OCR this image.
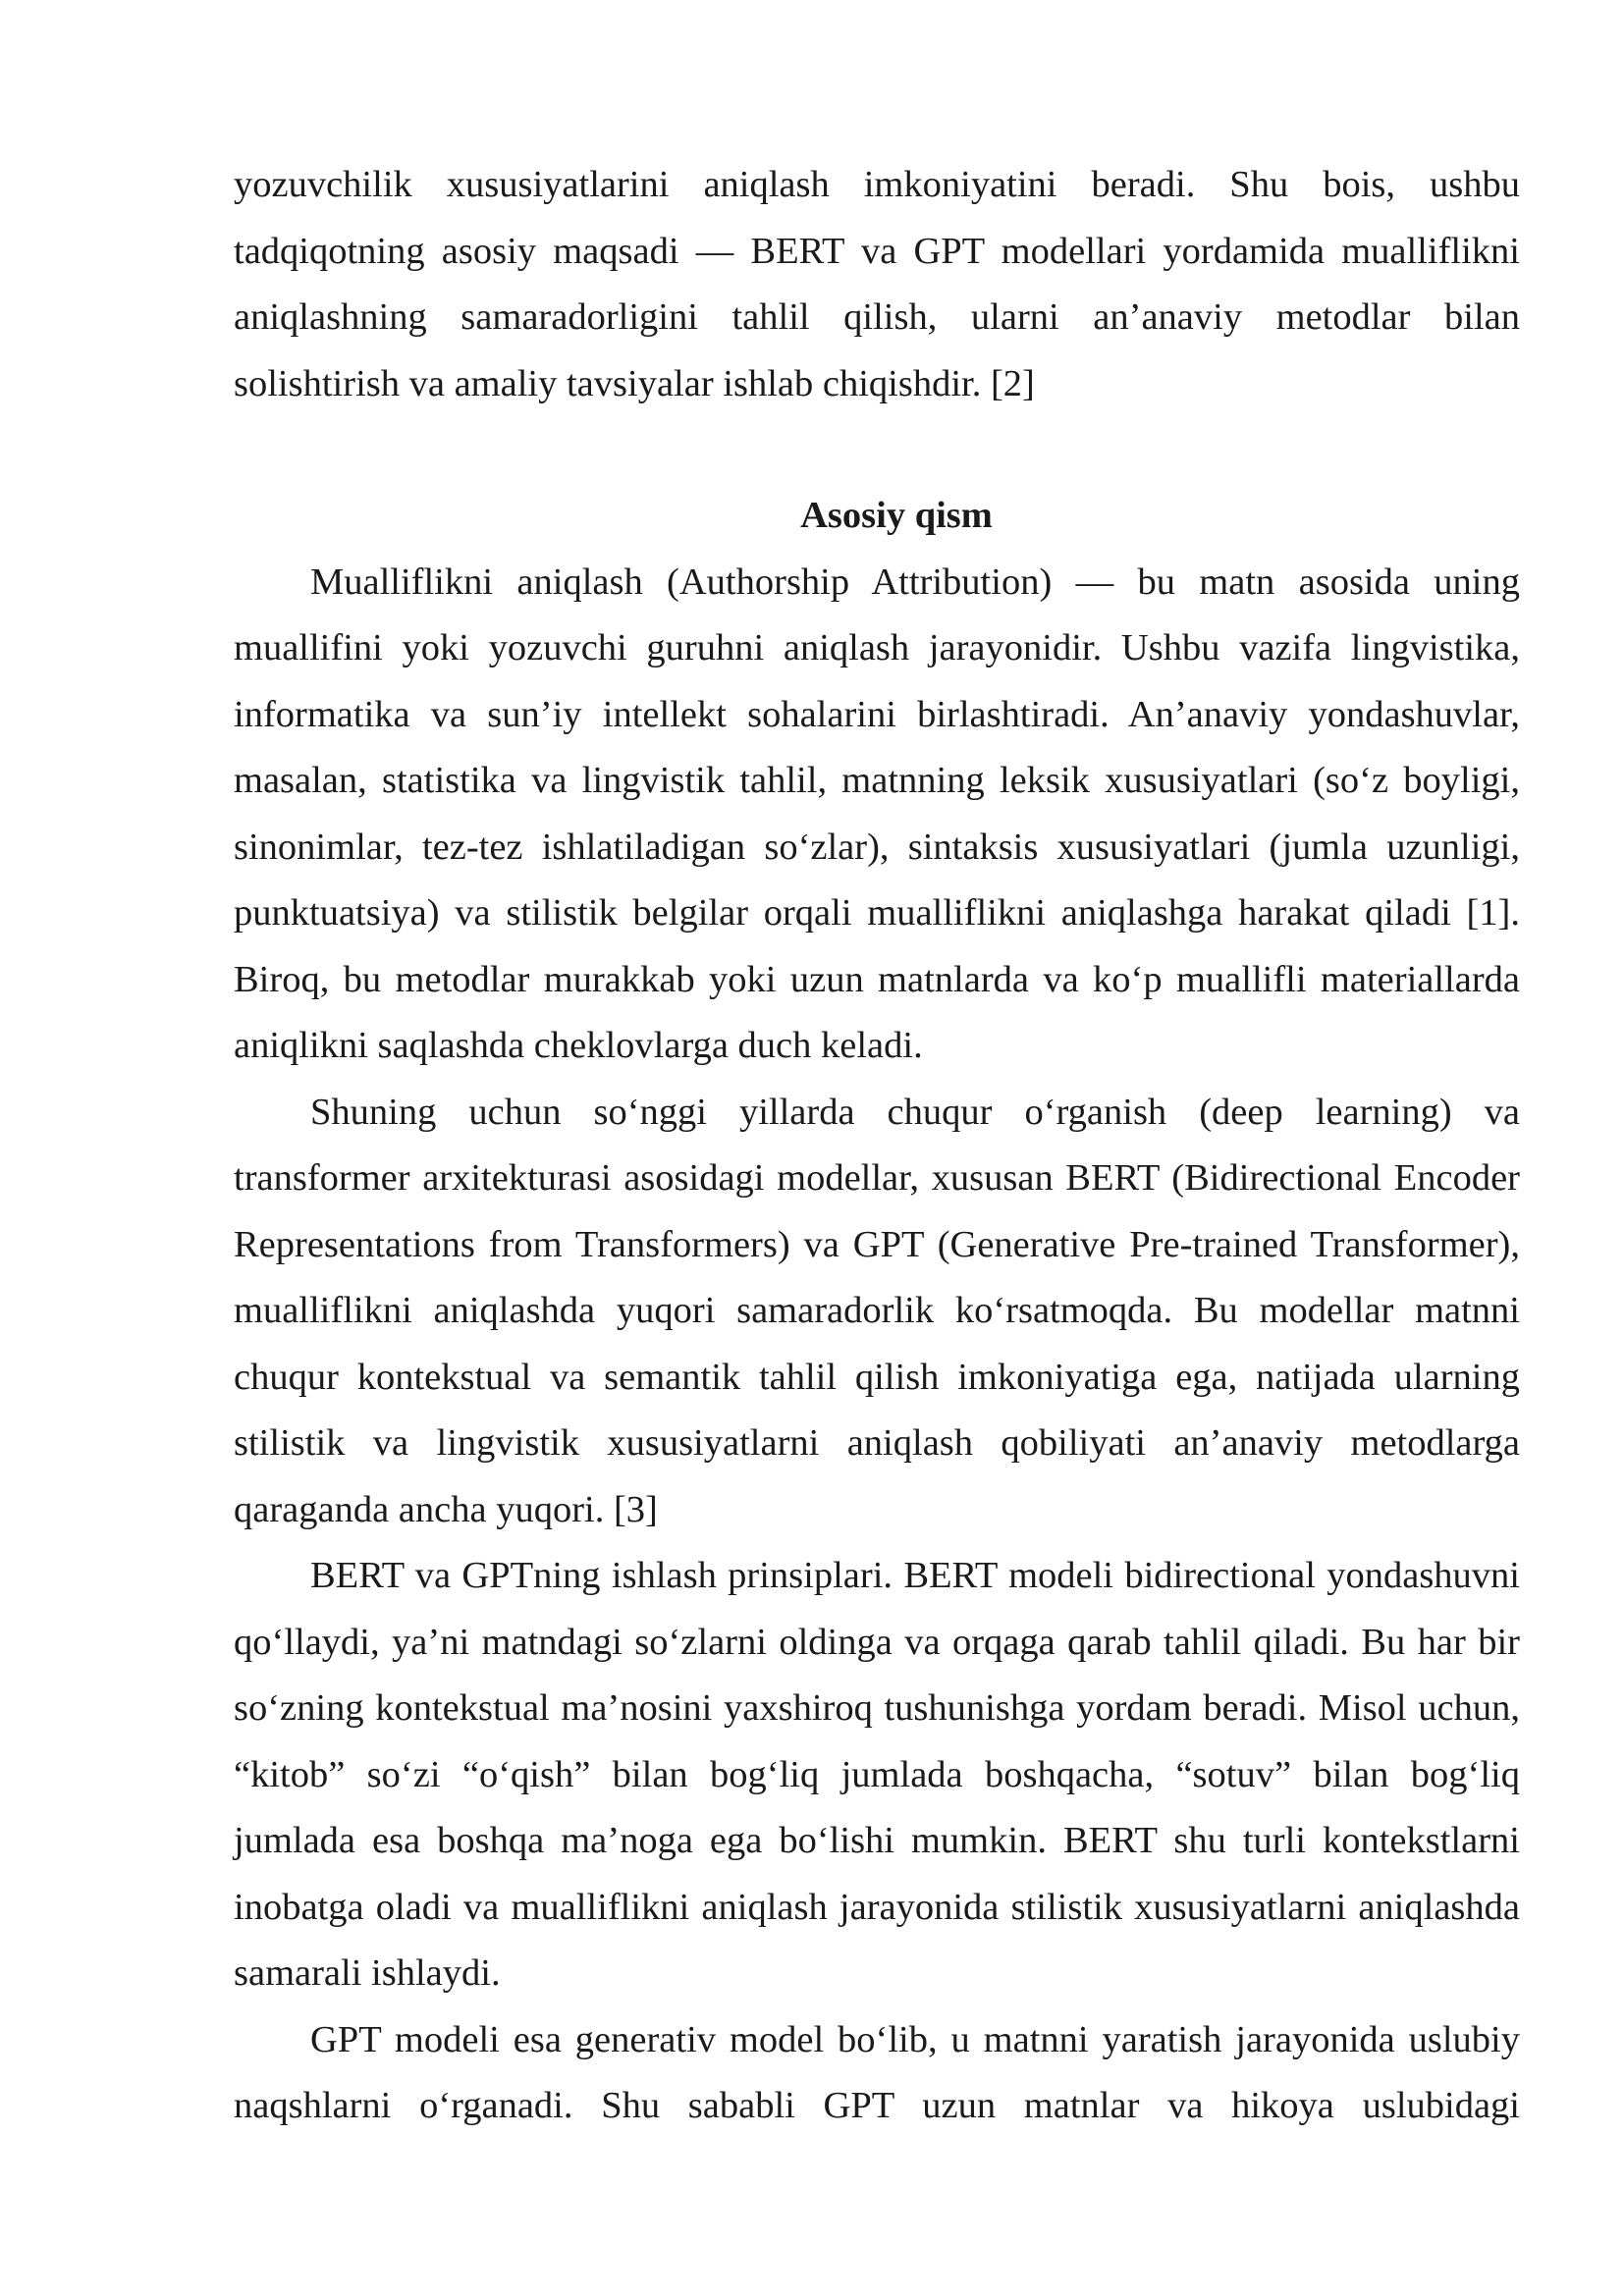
yozuvchilik xususiyatlarini aniqlash imkoniyatini beradi. Shu bois, ushbu tadqiqotning asosiy maqsadi — BERT va GPT modellari yordamida mualliflikni aniqlashning samaradorligini tahlil qilish, ularni an’anaviy metodlar bilan solishtirish va amaliy tavsiyalar ishlab chiqishdir. [2]

Asosiy qism

Mualliflikni aniqlash (Authorship Attribution) — bu matn asosida uning muallifini yoki yozuvchi guruhni aniqlash jarayonidir. Ushbu vazifa lingvistika, informatika va sun’iy intellekt sohalarini birlashtiradi. An’anaviy yondashuvlar, masalan, statistika va lingvistik tahlil, matnning leksik xususiyatlari (so‘z boyligi, sinonimlar, tez-tez ishlatiladigan so‘zlar), sintaksis xususiyatlari (jumla uzunligi, punktuatsiya) va stilistik belgilar orqali mualliflikni aniqlashga harakat qiladi [1]. Biroq, bu metodlar murakkab yoki uzun matnlarda va ko‘p muallifli materiallarda aniqlikni saqlashda cheklovlarga duch keladi.

Shuning uchun so‘nggi yillarda chuqur o‘rganish (deep learning) va transformer arxitekturasi asosidagi modellar, xususan BERT (Bidirectional Encoder Representations from Transformers) va GPT (Generative Pre-trained Transformer), mualliflikni aniqlashda yuqori samaradorlik ko‘rsatmoqda. Bu modellar matnni chuqur kontekstual va semantik tahlil qilish imkoniyatiga ega, natijada ularning stilistik va lingvistik xususiyatlarni aniqlash qobiliyati an’anaviy metodlarga qaraganda ancha yuqori. [3]

BERT va GPTning ishlash prinsiplari. BERT modeli bidirectional yondashuvni qo‘llaydi, ya’ni matndagi so‘zlarni oldinga va orqaga qarab tahlil qiladi. Bu har bir so‘zning kontekstual ma’nosini yaxshiroq tushunishga yordam beradi. Misol uchun, “kitob” so‘zi “o‘qish” bilan bog‘liq jumlada boshqacha, “sotuv” bilan bog‘liq jumlada esa boshqa ma’noga ega bo‘lishi mumkin. BERT shu turli kontekstlarni inobatga oladi va mualliflikni aniqlash jarayonida stilistik xususiyatlarni aniqlashda samarali ishlaydi.

GPT modeli esa generativ model bo‘lib, u matnni yaratish jarayonida uslubiy naqshlarni o‘rganadi. Shu sababli GPT uzun matnlar va hikoya uslubidagi
